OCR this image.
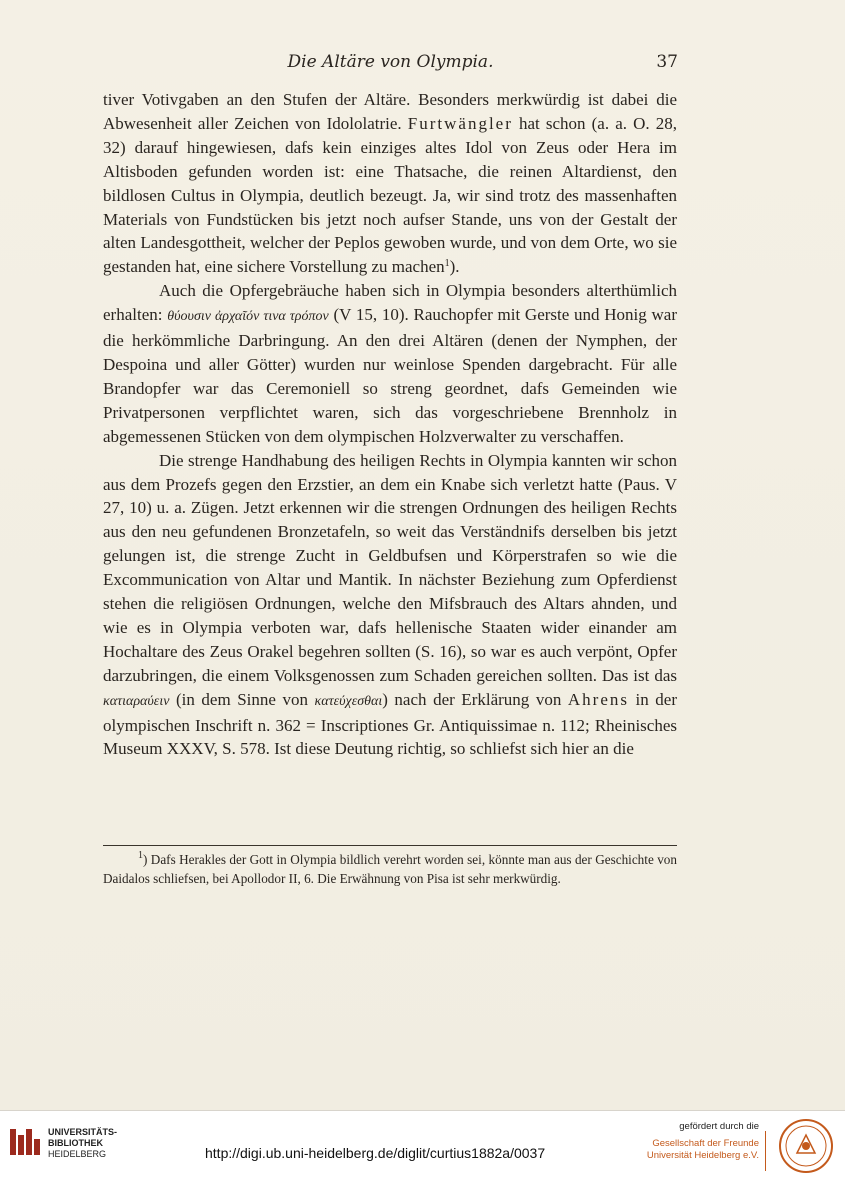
Die Altäre von Olympia.	37

tiver Votivgaben an den Stufen der Altäre. Besonders merkwürdig ist dabei die Abwesenheit aller Zeichen von Idololatrie. Furtwängler hat schon (a. a. O. 28, 32) darauf hingewiesen, dafs kein einziges altes Idol von Zeus oder Hera im Altisboden gefunden worden ist: eine Thatsache, die reinen Altardienst, den bildlosen Cultus in Olympia, deutlich bezeugt. Ja, wir sind trotz des massenhaften Materials von Fundstücken bis jetzt noch aufser Stande, uns von der Gestalt der alten Landesgottheit, welcher der Peplos gewoben wurde, und von dem Orte, wo sie gestanden hat, eine sichere Vorstellung zu machen$^1$).

Auch die Opfergebräuche haben sich in Olympia besonders alterthümlich erhalten: θύουσιν ἀρχαῖόν τινα τρόπον (V 15, 10). Rauchopfer mit Gerste und Honig war die herkömmliche Darbringung. An den drei Altären (denen der Nymphen, der Despoina und aller Götter) wurden nur weinlose Spenden dargebracht. Für alle Brandopfer war das Ceremoniell so streng geordnet, dafs Gemeinden wie Privatpersonen verpflichtet waren, sich das vorgeschriebene Brennholz in abgemessenen Stücken von dem olympischen Holzverwalter zu verschaffen.

Die strenge Handhabung des heiligen Rechts in Olympia kannten wir schon aus dem Prozefs gegen den Erzstier, an dem ein Knabe sich verletzt hatte (Paus. V 27, 10) u. a. Zügen. Jetzt erkennen wir die strengen Ordnungen des heiligen Rechts aus den neu gefundenen Bronzetafeln, so weit das Verständnifs derselben bis jetzt gelungen ist, die strenge Zucht in Geldbufsen und Körperstrafen so wie die Excommunication von Altar und Mantik. In nächster Beziehung zum Opferdienst stehen die religiösen Ordnungen, welche den Mifsbrauch des Altars ahnden, und wie es in Olympia verboten war, dafs hellenische Staaten wider einander am Hochaltare des Zeus Orakel begehren sollten (S. 16), so war es auch verpönt, Opfer darzubringen, die einem Volksgenossen zum Schaden gereichen sollten. Das ist das κατιαραύειν (in dem Sinne von κατεύχεσθαι) nach der Erklärung von Ahrens in der olympischen Inschrift n. 362 = Inscriptiones Gr. Antiquissimae n. 112; Rheinisches Museum XXXV, S. 578. Ist diese Deutung richtig, so schliefst sich hier an die

$^1$) Dafs Herakles der Gott in Olympia bildlich verehrt worden sei, könnte man aus der Geschichte von Daidalos schliefsen, bei Apollodor II, 6. Die Erwähnung von Pisa ist sehr merkwürdig.

UNIVERSITÄTS-
BIBLIOTHEK
HEIDELBERG	http://digi.ub.uni-heidelberg.de/diglit/curtius1882a/0037
gefördert durch die
Gesellschaft der Freunde
Universität Heidelberg e.V.
